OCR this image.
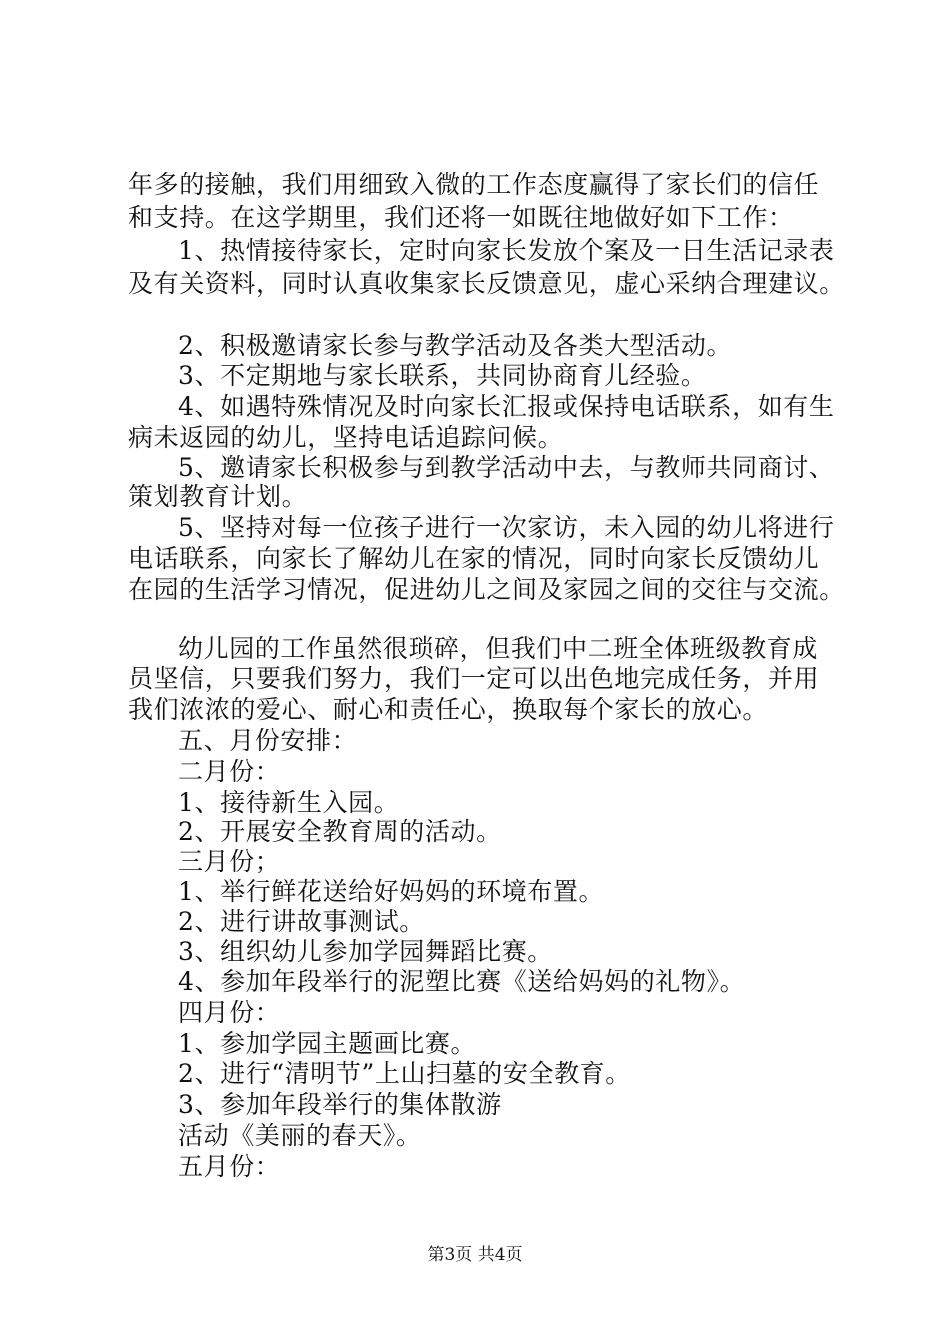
年多的接触，我们用细致入微的工作态度赢得了家长们的信任
和支持。在这学期里，我们还将一如既往地做好如下工作：
1、热情接待家长，定时向家长发放个案及一日生活记录表
及有关资料，同时认真收集家长反馈意见，虚心采纳合理建议。
2、积极邀请家长参与教学活动及各类大型活动。
3、不定期地与家长联系，共同协商育儿经验。
4、如遇特殊情况及时向家长汇报或保持电话联系，如有生
病未返园的幼儿，坚持电话追踪问候。
5、邀请家长积极参与到教学活动中去，与教师共同商讨、
策划教育计划。
5、坚持对每一位孩子进行一次家访，未入园的幼儿将进行
电话联系，向家长了解幼儿在家的情况，同时向家长反馈幼儿
在园的生活学习情况，促进幼儿之间及家园之间的交往与交流。
幼儿园的工作虽然很琐碎，但我们中二班全体班级教育成
员坚信，只要我们努力，我们一定可以出色地完成任务，并用
我们浓浓的爱心、耐心和责任心，换取每个家长的放心。
五、月份安排：
二月份：
1、接待新生入园。
2、开展安全教育周的活动。
三月份；
1、举行鲜花送给好妈妈的环境布置。
2、进行讲故事测试。
3、组织幼儿参加学园舞蹈比赛。
4、参加年段举行的泥塑比赛《送给妈妈的礼物》。
四月份：
1、参加学园主题画比赛。
2、进行“清明节”上山扫墓的安全教育。
3、参加年段举行的集体散游
活动《美丽的春天》。
五月份：
第3页 共4页
